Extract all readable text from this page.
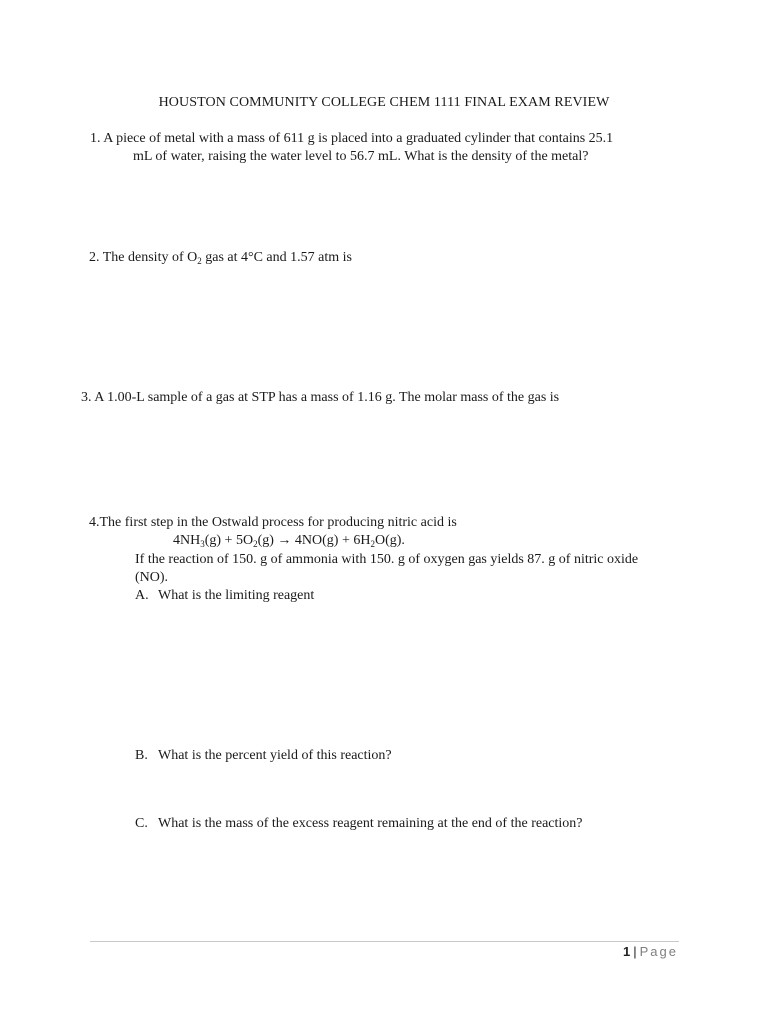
HOUSTON COMMUNITY COLLEGE CHEM 1111 FINAL EXAM REVIEW
1. A piece of metal with a mass of 611 g is placed into a graduated cylinder that contains 25.1
mL of water, raising the water level to 56.7 mL. What is the density of the metal?
2. The density of $O_2$ gas at 4°C and 1.57 atm is
3. A 1.00-L sample of a gas at STP has a mass of 1.16 g. The molar mass of the gas is
4.The first step in the Ostwald process for producing nitric acid is
$4NH_3(g) + 5O_2(g) \to 4NO(g) + 6H_2O(g)$.
If the reaction of 150. g of ammonia with 150. g of oxygen gas yields 87. g of nitric oxide
(NO).
A. What is the limiting reagent
B. What is the percent yield of this reaction?
C. What is the mass of the excess reagent remaining at the end of the reaction?
1 | Page
